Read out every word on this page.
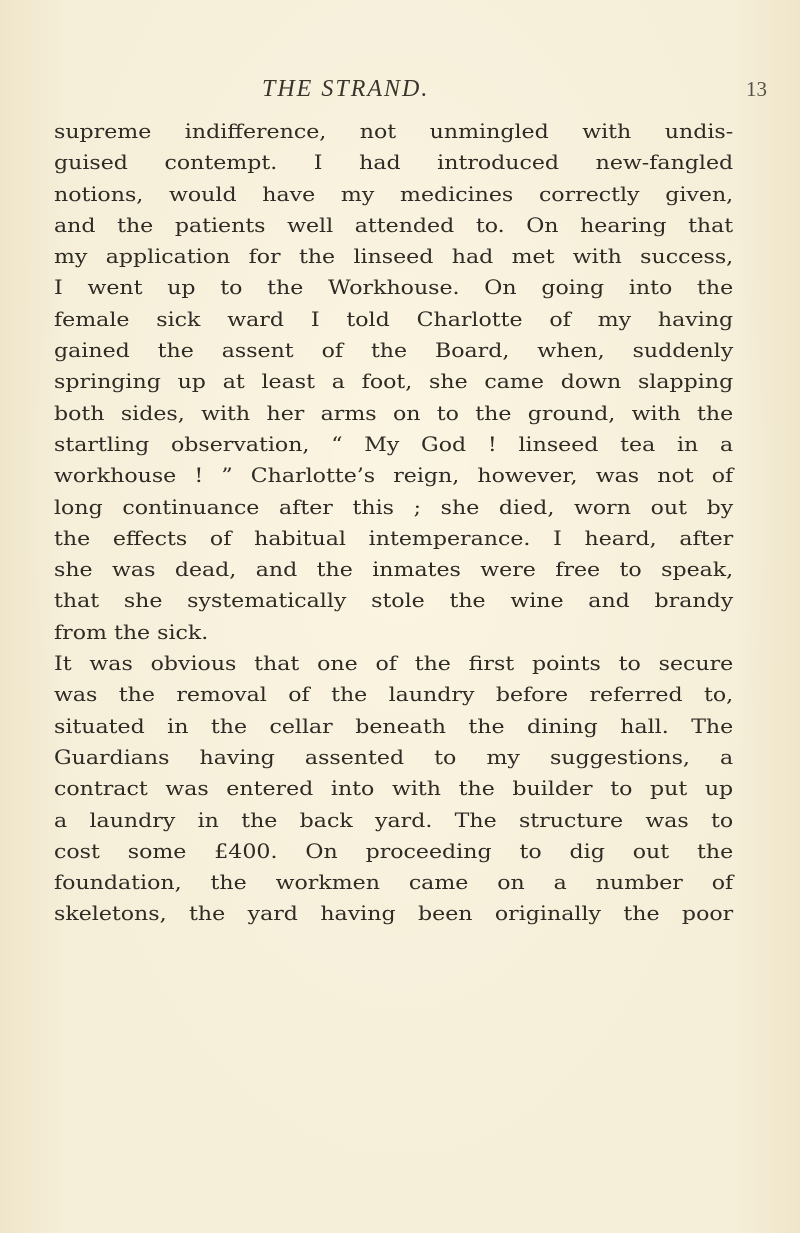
THE STRAND.	13
supreme indifference, not unmingled with undis-
guised contempt. I had introduced new-fangled
notions, would have my medicines correctly given,
and the patients well attended to. On hearing that
my application for the linseed had met with success,
I went up to the Workhouse. On going into the
female sick ward I told Charlotte of my having
gained the assent of the Board, when, suddenly
springing up at least a foot, she came down slapping
both sides, with her arms on to the ground, with the
startling observation, “ My God ! linseed tea in a
workhouse ! ” Charlotte’s reign, however, was not of
long continuance after this ; she died, worn out by
the effects of habitual intemperance. I heard, after
she was dead, and the inmates were free to speak,
that she systematically stole the wine and brandy
from the sick.
It was obvious that one of the first points to secure
was the removal of the laundry before referred to,
situated in the cellar beneath the dining hall. The
Guardians having assented to my suggestions, a
contract was entered into with the builder to put up
a laundry in the back yard. The structure was to
cost some £400. On proceeding to dig out the
foundation, the workmen came on a number of
skeletons, the yard having been originally the poor
